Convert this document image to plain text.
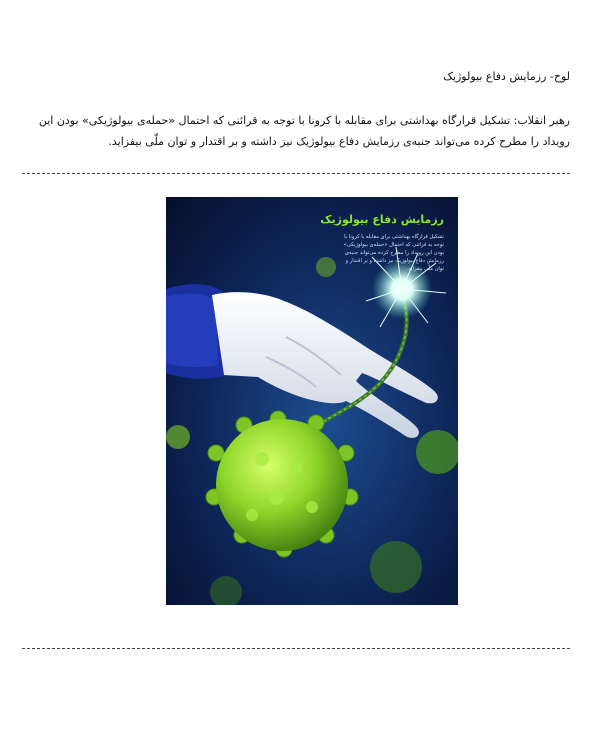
لوح- رزمایش دفاع بیولوژیک
رهبر انقلاب: تشکیل قرارگاه بهداشتی برای مقابله با کرونا با توجه به قرائنی که احتمال «حمله‌ی بیولوژیکی» بودن این رویداد را مطرح کرده می‌تواند جنبه‌ی رزمایش دفاع بیولوژیک نیز داشته و بر اقتدار و توان ملّی بیفزاید.
رزمایش دفاع بیولوژیک
تشکیل قرارگاه بهداشتی برای مقابله با کرونا با توجه به قرائنی که احتمال «حمله‌ی بیولوژیکی» بودن این رویداد را مطرح کرده می‌تواند جنبه‌ی رزمایش دفاع بیولوژیک نیز داشته و بر اقتدار و توان ملّی بیفزاید.
